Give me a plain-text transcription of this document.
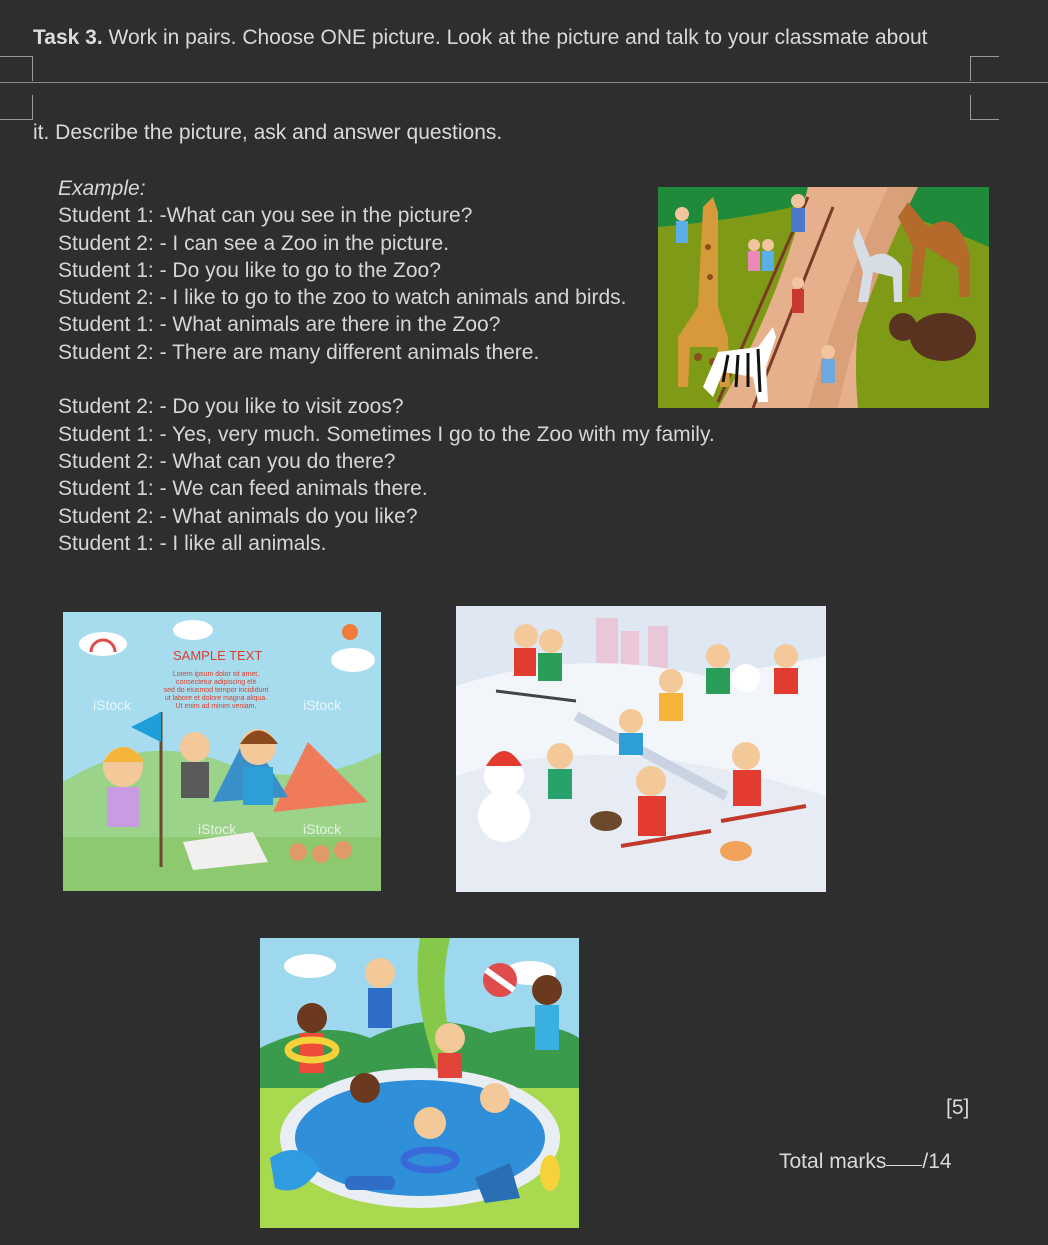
Task 3. Work in pairs. Choose ONE picture. Look at the picture and talk to your classmate about
it. Describe the picture, ask and answer questions.
Example:
Student 1: -What can you see in the picture?
Student 2: - I can see a Zoo in the picture.
Student 1: - Do you like to go to the Zoo?
Student 2: - I like to go to the zoo to watch animals and birds.
Student 1: - What animals are there in the Zoo?
Student 2: - There are many different animals there.
Student 2: - Do you like to visit zoos?
Student 1: - Yes, very much. Sometimes I go to the Zoo with my family.
Student 2: - What can you do there?
Student 1: - We can feed animals there.
Student 2: - What animals do you like?
Student 1: - I like all animals.
SAMPLE TEXT
Lorem ipsum dolor sit amet,
consectetur adipiscing elit
sed do eiusmod tempor incididunt
ut labore et dolore magna aliqua.
Ut enim ad minim veniam,
iStock	iStock
iStock	iStock
[5]
Total marks /14
